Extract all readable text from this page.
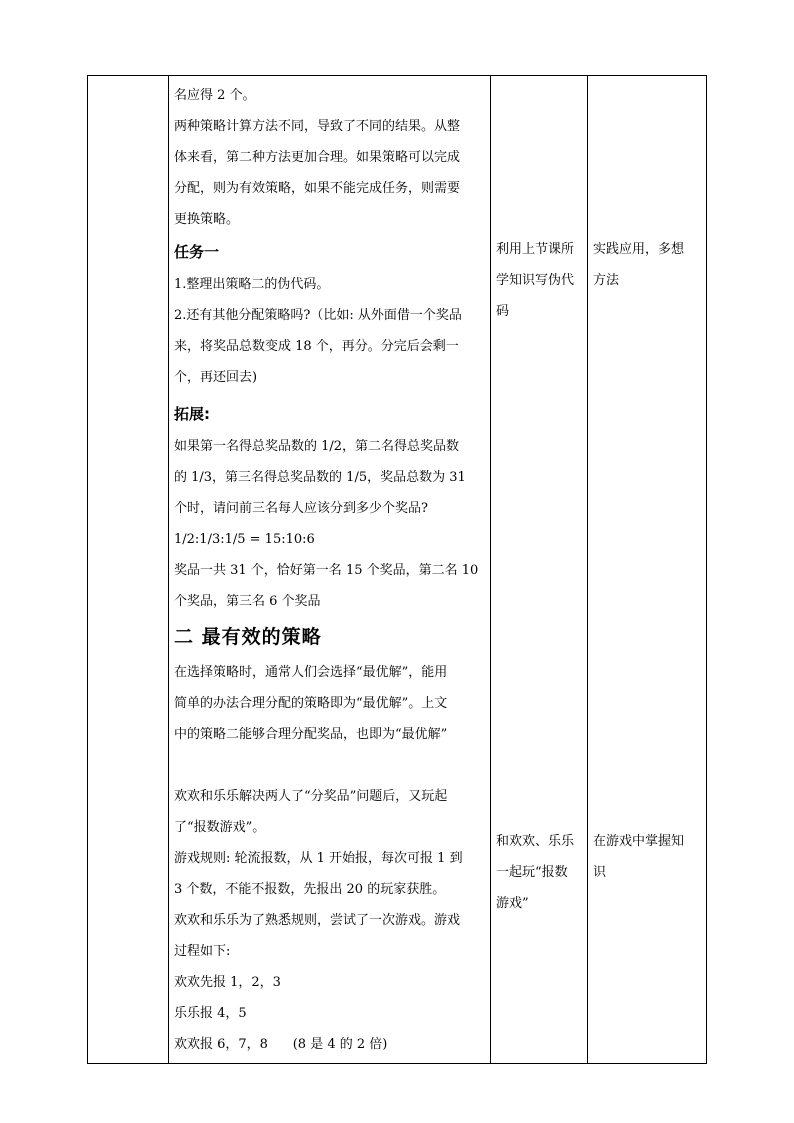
名应得 2 个。

两种策略计算方法不同，导致了不同的结果。从整

体来看，第二种方法更加合理。如果策略可以完成

分配，则为有效策略，如果不能完成任务，则需要

更换策略。

任务一

1.整理出策略二的伪代码。

2.还有其他分配策略吗?（比如: 从外面借一个奖品

来，将奖品总数变成 18 个，再分。分完后会剩一

个，再还回去)

拓展:

如果第一名得总奖品数的 1/2，第二名得总奖品数

的 1/3，第三名得总奖品数的 1/5，奖品总数为 31

个时，请问前三名每人应该分到多少个奖品?

1/2:1/3:1/5 = 15:10:6

奖品一共 31 个，恰好第一名 15 个奖品，第二名 10

个奖品，第三名 6 个奖品

二 最有效的策略

在选择策略时，通常人们会选择“最优解”，能用

简单的办法合理分配的策略即为“最优解”。上文

中的策略二能够合理分配奖品，也即为“最优解”

欢欢和乐乐解决两人了“分奖品”问题后，又玩起

了“报数游戏”。

游戏规则: 轮流报数，从 1 开始报，每次可报 1 到

3 个数，不能不报数，先报出 20 的玩家获胜。

欢欢和乐乐为了熟悉规则，尝试了一次游戏。游戏

过程如下:

欢欢先报 1，2，3

乐乐报 4，5

欢欢报 6，7，8      (8 是 4 的 2 倍)

利用上节课所

学知识写伪代

码

和欢欢、乐乐

一起玩“报数

游戏”

实践应用，多想

方法

在游戏中掌握知

识
